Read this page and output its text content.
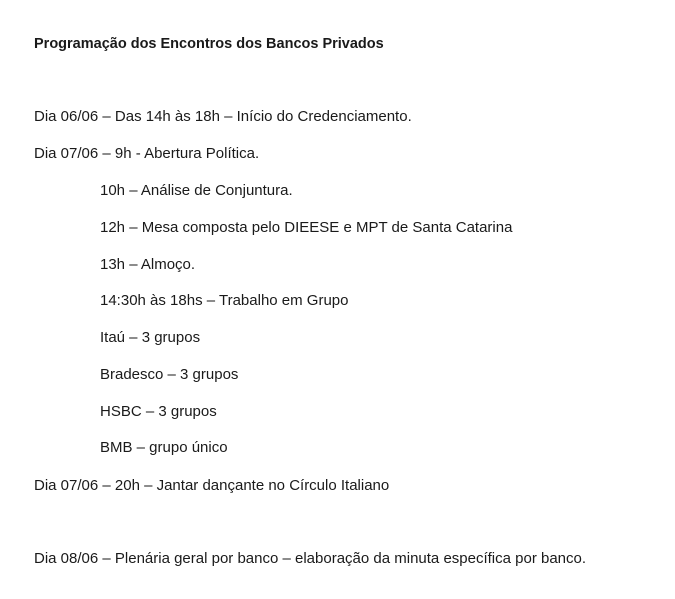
Programação dos Encontros dos Bancos Privados
Dia 06/06 – Das 14h às 18h – Início do Credenciamento.
Dia 07/06 – 9h - Abertura Política.
10h – Análise de Conjuntura.
12h – Mesa composta pelo DIEESE e MPT de Santa Catarina
13h – Almoço.
14:30h às 18hs – Trabalho em Grupo
Itaú – 3 grupos
Bradesco – 3 grupos
HSBC – 3 grupos
BMB – grupo único
Dia 07/06 – 20h – Jantar dançante no Círculo Italiano
Dia 08/06 – Plenária geral por banco – elaboração da minuta específica por banco.
